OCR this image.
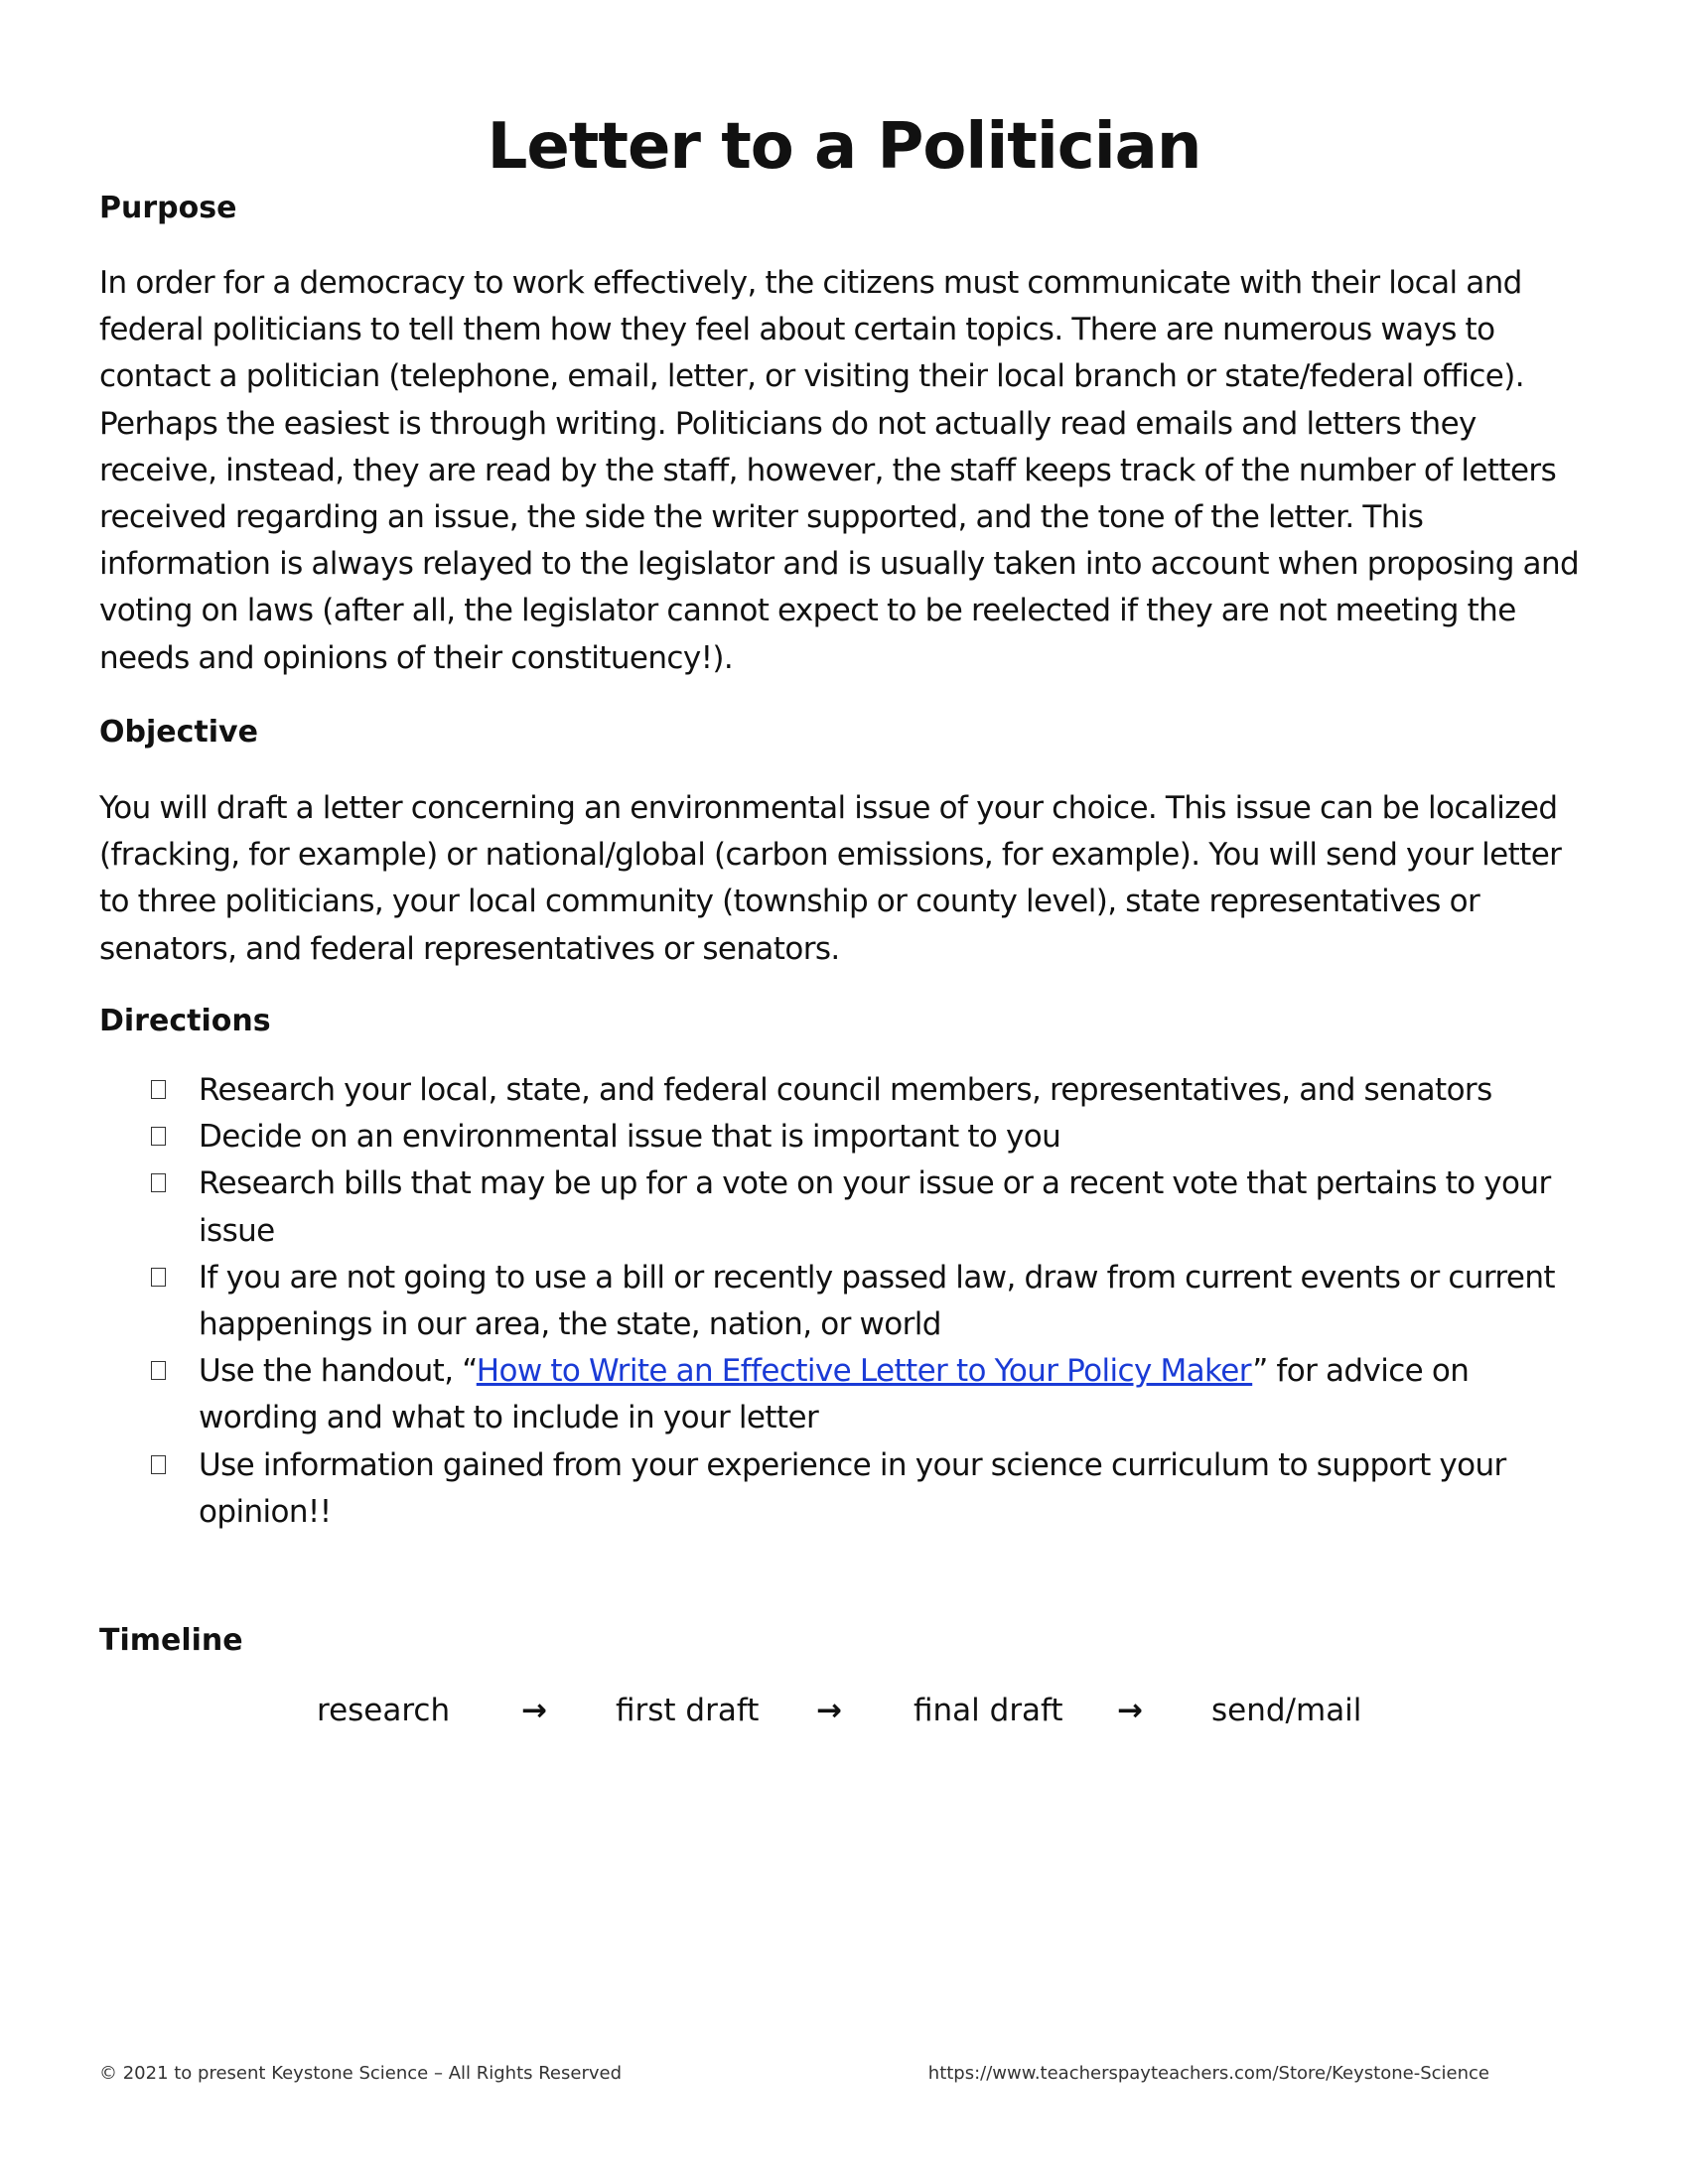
Letter to a Politician
Purpose

In order for a democracy to work effectively, the citizens must communicate with their local and federal politicians to tell them how they feel about certain topics. There are numerous ways to contact a politician (telephone, email, letter, or visiting their local branch or state/federal office). Perhaps the easiest is through writing. Politicians do not actually read emails and letters they receive, instead, they are read by the staff, however, the staff keeps track of the number of letters received regarding an issue, the side the writer supported, and the tone of the letter. This information is always relayed to the legislator and is usually taken into account when proposing and voting on laws (after all, the legislator cannot expect to be reelected if they are not meeting the needs and opinions of their constituency!).

Objective

You will draft a letter concerning an environmental issue of your choice. This issue can be localized (fracking, for example) or national/global (carbon emissions, for example). You will send your letter to three politicians, your local community (township or county level), state representatives or senators, and federal representatives or senators.

Directions
Research your local, state, and federal council members, representatives, and senators
Decide on an environmental issue that is important to you
Research bills that may be up for a vote on your issue or a recent vote that pertains to your issue
If you are not going to use a bill or recently passed law, draw from current events or current happenings in our area, the state, nation, or world
Use the handout, “How to Write an Effective Letter to Your Policy Maker” for advice on wording and what to include in your letter
Use information gained from your experience in your science curriculum to support your opinion!!
Timeline
research → first draft → final draft → send/mail
© 2021 to present Keystone Science – All Rights Reserved	https://www.teacherspayteachers.com/Store/Keystone-Science
